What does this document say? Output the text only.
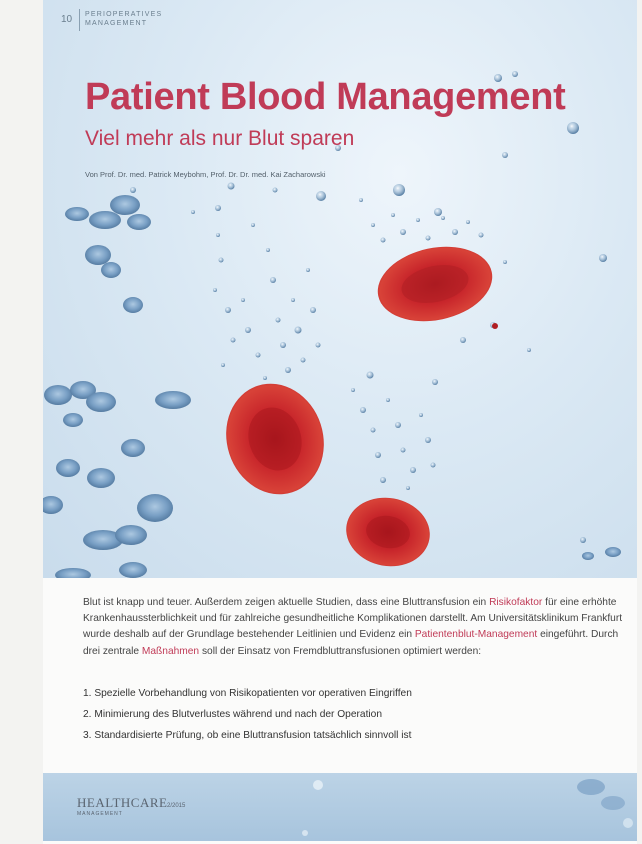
10 PERIOPERATIVES
MANAGEMENT
Patient Blood Management
Viel mehr als nur Blut sparen
Von Prof. Dr. med. Patrick Meybohm, Prof. Dr. Dr. med. Kai Zacharowski
Blut ist knapp und teuer. Außerdem zeigen aktuelle Studien, dass eine Bluttransfusion ein Risikofaktor für eine erhöhte Krankenhaussterblichkeit und für zahlreiche gesundheitliche Komplikationen darstellt. Am Universitätsklinikum Frankfurt wurde deshalb auf der Grundlage bestehender Leitlinien und Evidenz ein Patientenblut-Management eingeführt. Durch drei zentrale Maßnahmen soll der Einsatz von Fremdbluttransfusionen optimiert werden:
1. Spezielle Vorbehandlung von Risikopatienten vor operativen Eingriffen
2. Minimierung des Blutverlustes während und nach der Operation
3. Standardisierte Prüfung, ob eine Bluttransfusion tatsächlich sinnvoll ist
HEALTHCARE
MANAGEMENT
2/2015
